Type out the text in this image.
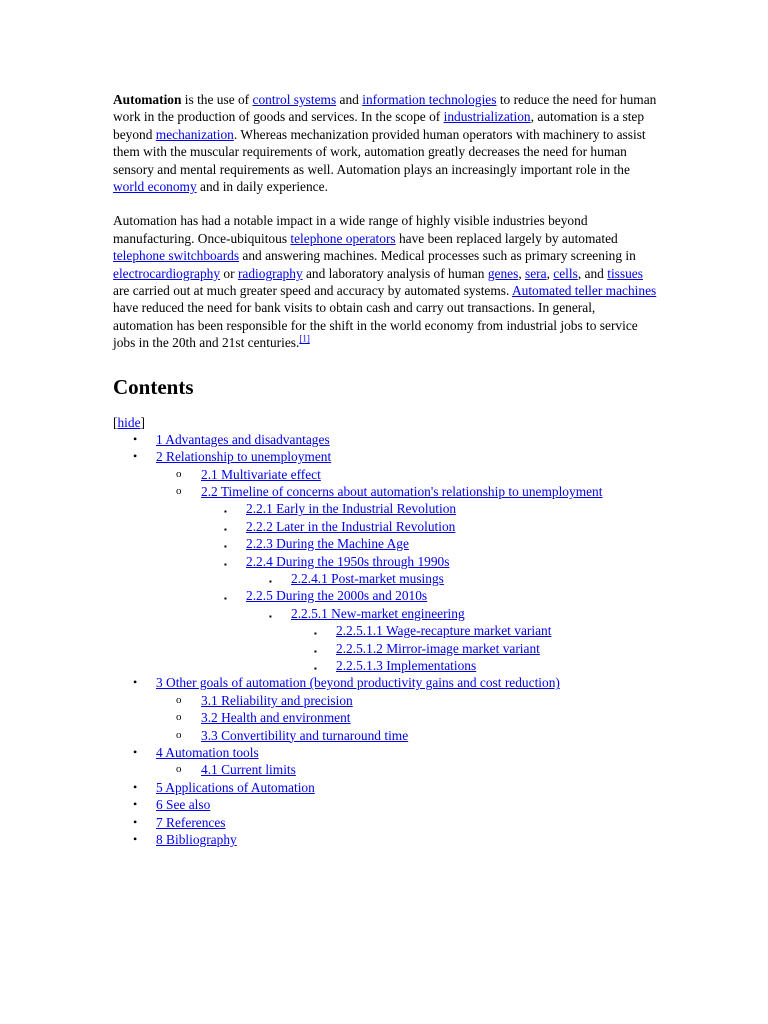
Automation is the use of control systems and information technologies to reduce the need for human work in the production of goods and services. In the scope of industrialization, automation is a step beyond mechanization. Whereas mechanization provided human operators with machinery to assist them with the muscular requirements of work, automation greatly decreases the need for human sensory and mental requirements as well. Automation plays an increasingly important role in the world economy and in daily experience.

Automation has had a notable impact in a wide range of highly visible industries beyond manufacturing. Once-ubiquitous telephone operators have been replaced largely by automated telephone switchboards and answering machines. Medical processes such as primary screening in electrocardiography or radiography and laboratory analysis of human genes, sera, cells, and tissues are carried out at much greater speed and accuracy by automated systems. Automated teller machines have reduced the need for bank visits to obtain cash and carry out transactions. In general, automation has been responsible for the shift in the world economy from industrial jobs to service jobs in the 20th and 21st centuries.[1]

Contents
[hide]
• 1 Advantages and disadvantages
• 2 Relationship to unemployment
o 2.1 Multivariate effect
o 2.2 Timeline of concerns about automation's relationship to unemployment
▪ 2.2.1 Early in the Industrial Revolution
▪ 2.2.2 Later in the Industrial Revolution
▪ 2.2.3 During the Machine Age
▪ 2.2.4 During the 1950s through 1990s
▪ 2.2.4.1 Post-market musings
▪ 2.2.5 During the 2000s and 2010s
▪ 2.2.5.1 New-market engineering
▪ 2.2.5.1.1 Wage-recapture market variant
▪ 2.2.5.1.2 Mirror-image market variant
▪ 2.2.5.1.3 Implementations
• 3 Other goals of automation (beyond productivity gains and cost reduction)
o 3.1 Reliability and precision
o 3.2 Health and environment
o 3.3 Convertibility and turnaround time
• 4 Automation tools
o 4.1 Current limits
• 5 Applications of Automation
• 6 See also
• 7 References
• 8 Bibliography
